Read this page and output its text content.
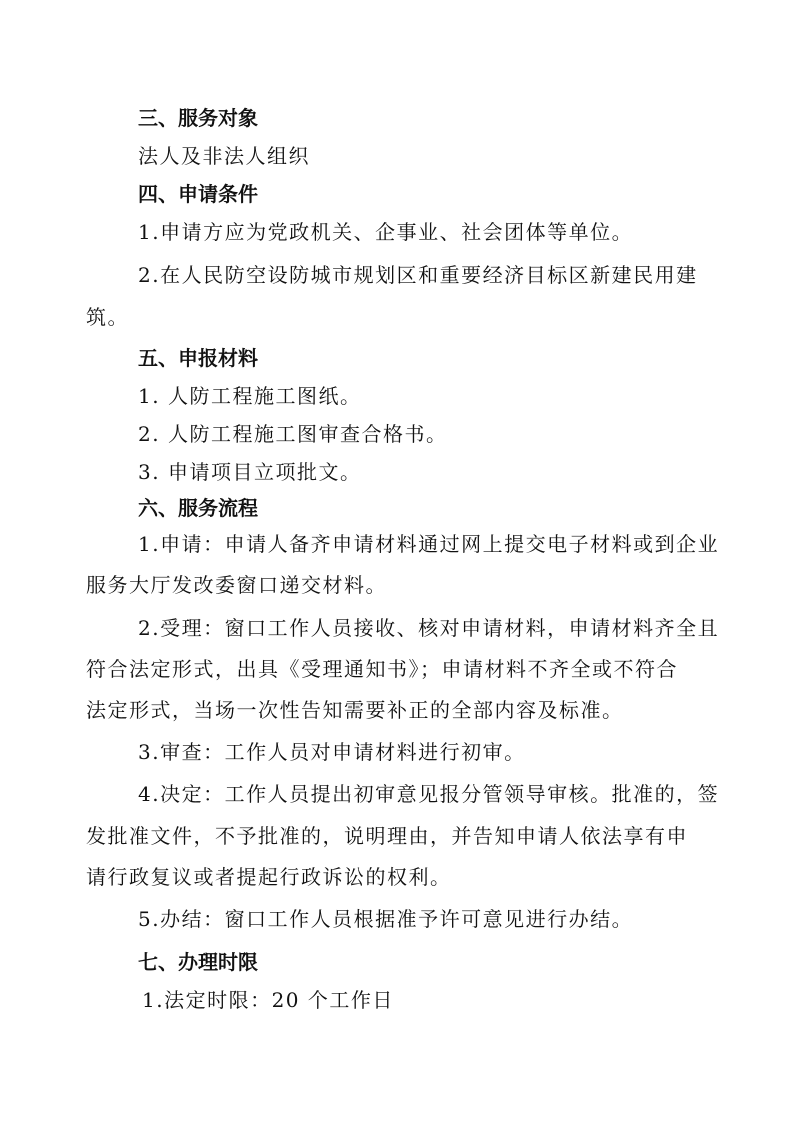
三、服务对象
法人及非法人组织
四、申请条件
1.申请方应为党政机关、企事业、社会团体等单位。
2.在人民防空设防城市规划区和重要经济目标区新建民用建
筑。
五、申报材料
1. 人防工程施工图纸。
2. 人防工程施工图审查合格书。
3. 申请项目立项批文。
六、服务流程
1.申请：申请人备齐申请材料通过网上提交电子材料或到企业
服务大厅发改委窗口递交材料。
2.受理：窗口工作人员接收、核对申请材料，申请材料齐全且
符合法定形式，出具《受理通知书》；申请材料不齐全或不符合
法定形式，当场一次性告知需要补正的全部内容及标准。
3.审查：工作人员对申请材料进行初审。
4.决定：工作人员提出初审意见报分管领导审核。批准的，签
发批准文件，不予批准的，说明理由，并告知申请人依法享有申
请行政复议或者提起行政诉讼的权利。
5.办结：窗口工作人员根据准予许可意见进行办结。
七、办理时限
1.法定时限：20 个工作日
